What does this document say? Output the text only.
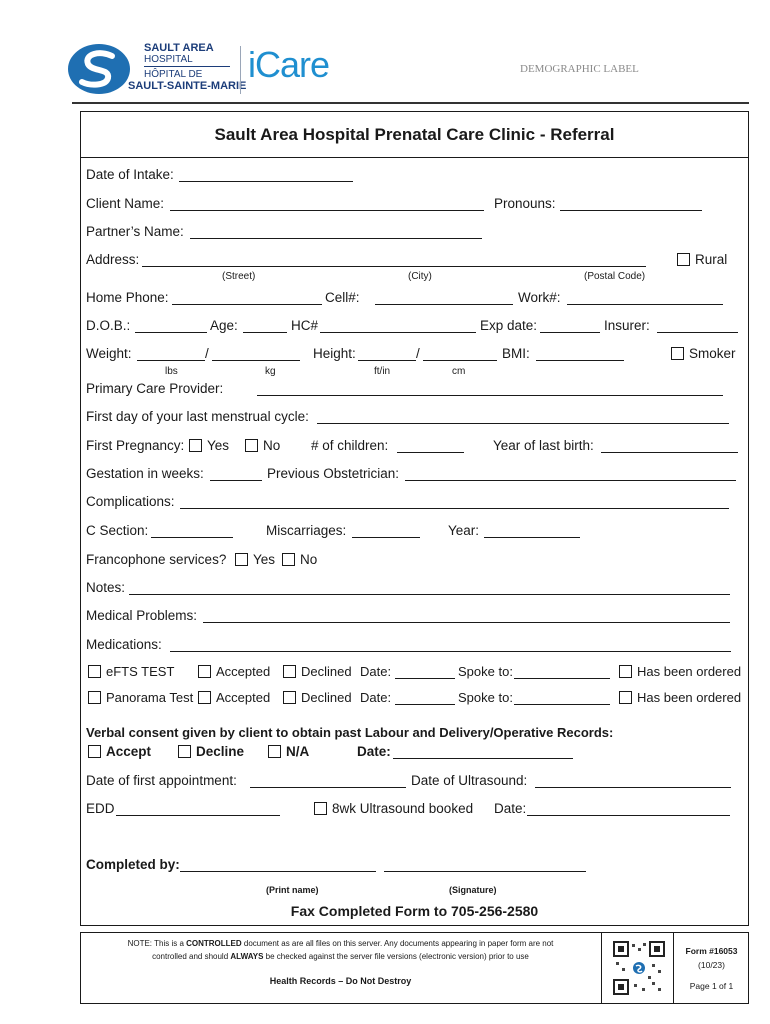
SAULT AREA
HOSPITAL
HÔPITAL DE
SAULT-SAINTE-MARIE
iCare	DEMOGRAPHIC LABEL
Sault Area Hospital Prenatal Care Clinic - Referral
Date of Intake:
Client Name:	Pronouns:
Partner’s Name:
Address:	Rural
(Street)	(City)	(Postal Code)
Home Phone:	Cell#:	Work#:
D.O.B.:	Age:	HC#	Exp date:	Insurer:
Weight:	/	Height:	/	BMI:	Smoker
lbs	kg	ft/in	cm
Primary Care Provider:
First day of your last menstrual cycle:
First Pregnancy: Yes	No # of children:	Year of last birth:
Gestation in weeks:	Previous Obstetrician:
Complications:
C Section:	Miscarriages:	Year:
Francophone services? Yes No
Notes:
Medical Problems:
Medications:
eFTS TEST	Accepted Declined Date:	Spoke to:	Has been ordered
Panorama Test Accepted Declined Date:	Spoke to:	Has been ordered
Verbal consent given by client to obtain past Labour and Delivery/Operative Records:
Accept	Decline	N/A	Date:
Date of first appointment:	Date of Ultrasound:
EDD	8wk Ultrasound booked Date:
Completed by:
(Print name)	(Signature)
Fax Completed Form to 705-256-2580
NOTE: This is a CONTROLLED document as are all files on this server. Any documents appearing in paper form are not
controlled and should ALWAYS be checked against the server file versions (electronic version) prior to use
Health Records – Do Not Destroy
Form #16053
(10/23)
Page 1 of 1
